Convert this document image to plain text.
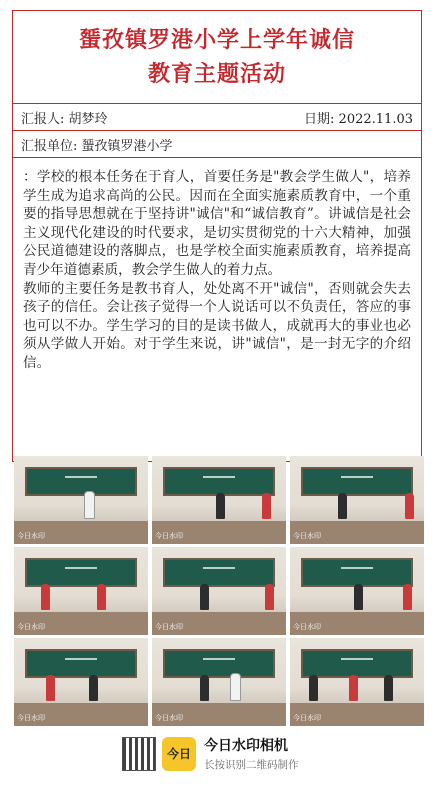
蜑孜镇罗港小学上学年诚信
教育主题活动
汇报人: 胡梦玲	日期: 2022.11.03
汇报单位: 蜑孜镇罗港小学

：学校的根本任务在于育人，首要任务是"教会学生做人"，培养学生成为追求高尚的公民。因而在全面实施素质教育中，一个重要的指导思想就在于坚持讲"诚信"和“诚信教育”。讲诚信是社会主义现代化建设的时代要求，是切实贯彻党的十六大精神，加强公民道德建设的落脚点，也是学校全面实施素质教育，培养提高青少年道德素质，教会学生做人的着力点。

教师的主要任务是教书育人，处处离不开"诚信"，否则就会失去孩子的信任。会让孩子觉得一个人说话可以不负责任，答应的事也可以不办。学生学习的目的是读书做人，成就再大的事业也必须从学做人开始。对于学生来说，讲"诚信"，是一封无字的介绍信。

今日水印	今日水印	今日水印
今日水印	今日水印	今日水印
今日水印	今日水印	今日水印
今日 今日水印相机
长按识别二维码制作
